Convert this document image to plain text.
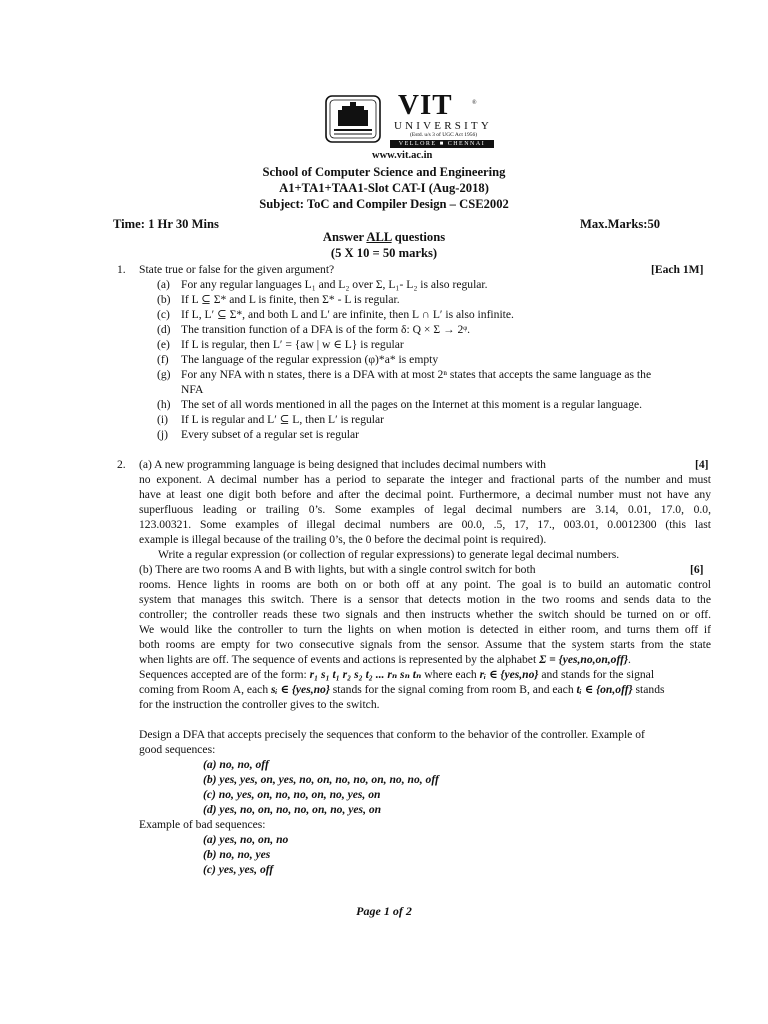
VIT	®
UNIVERSITY
(Estd. u/s 3 of UGC Act 1956)
VELLORE ■ CHENNAI
www.vit.ac.in
School of Computer Science and Engineering
A1+TA1+TAA1-Slot CAT-I (Aug-2018)
Subject: ToC and Compiler Design – CSE2002
Time: 1 Hr 30 Mins	Max.Marks:50
Answer ALL questions
(5 X 10 = 50 marks)
1. State true or false for the given argument?	[Each 1M]
(a) For any regular languages L₁ and L₂ over Σ, L₁- L₂ is also regular.
(b) If L ⊆ Σ* and L is finite, then Σ* - L is regular.
(c) If L, L′ ⊆ Σ*, and both L and L′ are infinite, then L ∩ L′ is also infinite.
(d) The transition function of a DFA is of the form δ: Q × Σ → 2ᵠ.
(e) If L is regular, then L′ = {aw | w ∈ L} is regular
(f) The language of the regular expression (φ)*a* is empty
(g) For any NFA with n states, there is a DFA with at most 2ⁿ states that accepts the same language as the
NFA
(h) The set of all words mentioned in all the pages on the Internet at this moment is a regular language.
(i) If L is regular and L′ ⊆ L, then L′ is regular
(j) Every subset of a regular set is regular
2. (a) A new programming language is being designed that includes decimal numbers with	[4]
no exponent. A decimal number has a period to separate the integer and fractional parts of the number and must
have at least one digit both before and after the decimal point. Furthermore, a decimal number must not have any
superfluous leading or trailing 0’s. Some examples of legal decimal numbers are 3.14, 0.01, 17.0, 0.0,
123.00321. Some examples of illegal decimal numbers are 00.0, .5, 17, 17., 003.01, 0.0012300 (this last
example is illegal because of the trailing 0’s, the 0 before the decimal point is required).
Write a regular expression (or collection of regular expressions) to generate legal decimal numbers.
(b) There are two rooms A and B with lights, but with a single control switch for both	[6]
rooms. Hence lights in rooms are both on or both off at any point. The goal is to build an automatic control
system that manages this switch. There is a sensor that detects motion in the two rooms and sends data to the
controller; the controller reads these two signals and then instructs whether the switch should be turned on or off.
We would like the controller to turn the lights on when motion is detected in either room, and turns them off if
both rooms are empty for two consecutive signals from the sensor. Assume that the system starts from the state
when lights are off. The sequence of events and actions is represented by the alphabet Σ = {yes,no,on,off}.
Sequences accepted are of the form: r₁ s₁ t₁ r₂ s₂ t₂ ... rₙ sₙ tₙ where each rᵢ ∈ {yes,no} and stands for the signal
coming from Room A, each sᵢ ∈ {yes,no} stands for the signal coming from room B, and each tᵢ ∈ {on,off} stands
for the instruction the controller gives to the switch.
Design a DFA that accepts precisely the sequences that conform to the behavior of the controller. Example of
good sequences:
(a) no, no, off
(b) yes, yes, on, yes, no, on, no, no, on, no, no, off
(c) no, yes, on, no, no, on, no, yes, on
(d) yes, no, on, no, no, on, no, yes, on
Example of bad sequences:
(a) yes, no, on, no
(b) no, no, yes
(c) yes, yes, off
Page 1 of 2
